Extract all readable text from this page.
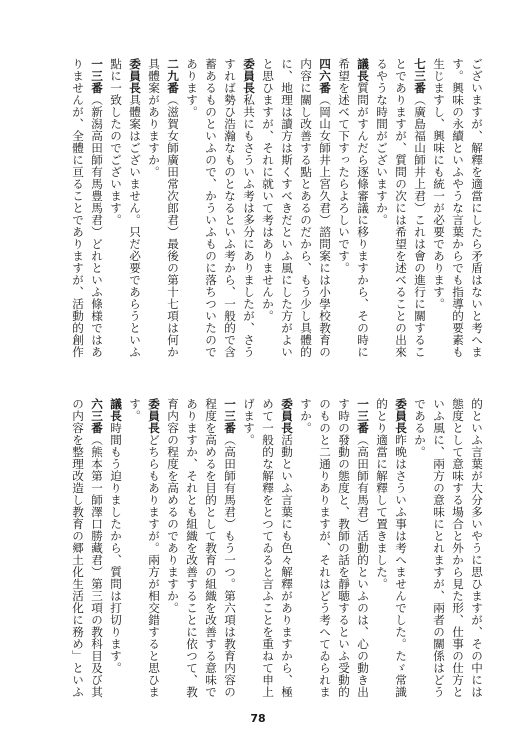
ございますが、解釋を適當にしたら矛盾はないと考へま
す。興味の永續といふやうな言葉からでも指導的要素も
生じますし、興味にも統一が必要であります。
七三番（廣島福山師井上君）これは會の進行に關するこ
とでありますが、質問の次には希望を述べることの出來
るやうな時間がございますか。
議長質問がすんだら逐條審議に移りますから、その時に
希望を述べて下すったらよろしいです。
四六番（岡山女師井上宮久君）諮問案には小學校教育の
内容に關し改善する點とあるのだから、もう少し具體的
に、地理は讀方は斯くすべきだといふ風にした方がよい
と思ひますが、それに就いて考はありませんか。
委員長私共にもさういふ考は多分にありましたが、さう
すれば勢ひ浩瀚なものとなるといふ考から、一般的で含
蓄あるものといふので、かういふものに落ちついたので
あります。
二九番（滋賀女師廣田常次郎君）最後の第十七項は何か
具體案がありますか。
委員長具體案はございません。只だ必要であらうといふ
點に一致したのでございます。
一三番（新潟高田師有馬豊馬君）どれといふ條様ではあ
りませんが、全體に亘ることでありますが、活動的創作
的といふ言葉が大分多いやうに思ひますが、その中には
態度として意味する場合と外から見た形、仕事の仕方と
いふ風に、兩方の意味にとれますが、兩者の關係はどう
であるか。
委員長昨晩はさういふ事は考へませんでした。たゞ常識
的とり適當に解釋して置きました。
一三番（高田師有馬君）活動的といふのは、心の動き出
す時の發動の態度と、教師の話を靜聴するといふ受動的
のものと二通りありますが、それはどう考へてゐられま
すか。
委員長活動といふ言葉にも色々解釋がありますから、極
めて一般的な解釋をとつてゐると言ふことを重ねて申上
げます。
一三番（高田師有馬君）もう一つ。第六項は教育内容の
程度を高めるを目的として教育の組織を改善する意味で
ありますか、それとも組織を改善することに依つて、教
育内容の程度を高めるのでありますか。
委員長どちらもありますが。兩方が相交錯すると思ひま
す。
議長時間もう迫りましたから、質問は打切ります。
六三番（熊本第一師澤口勝藏君）第三項の教科目及び其
の内容を整理改造し教育の郷土化生活化に務め」といふ
78
